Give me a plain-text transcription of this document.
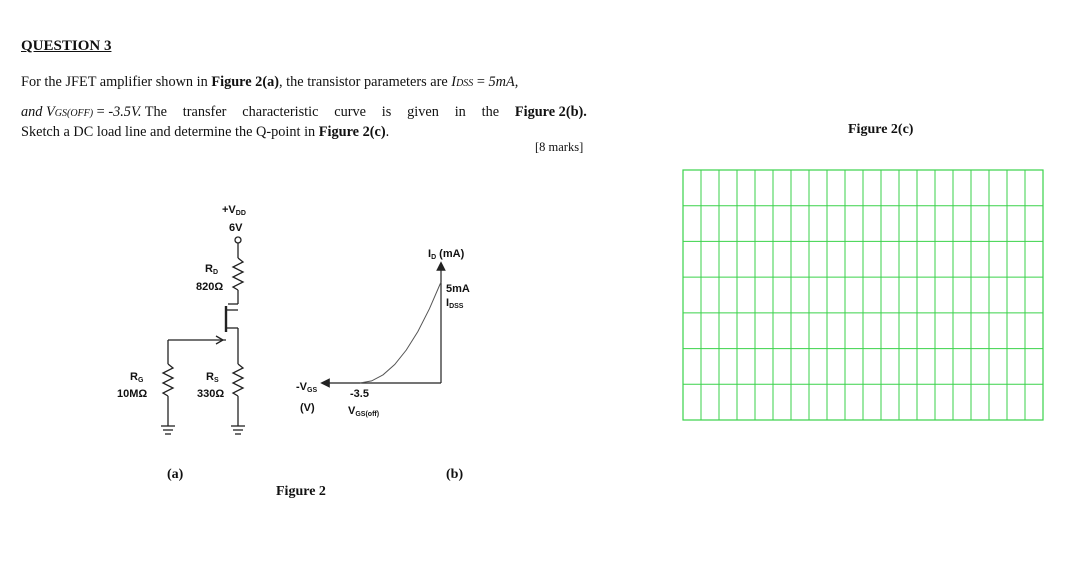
QUESTION 3
For the JFET amplifier shown in Figure 2(a), the transistor parameters are IDSS = 5mA,
and VGS(OFF) = -3.5V. The transfer characteristic curve is given in the Figure 2(b).
Sketch a DC load line and determine the Q-point in Figure 2(c).
[8 marks]
Figure 2(c)
+VDD
6V
RD
820Ω
RG
10MΩ
RS
330Ω
(a)
ID (mA)
5mA
IDSS
-VGS
(V)
-3.5
VGS(off)
(b)
Figure 2
